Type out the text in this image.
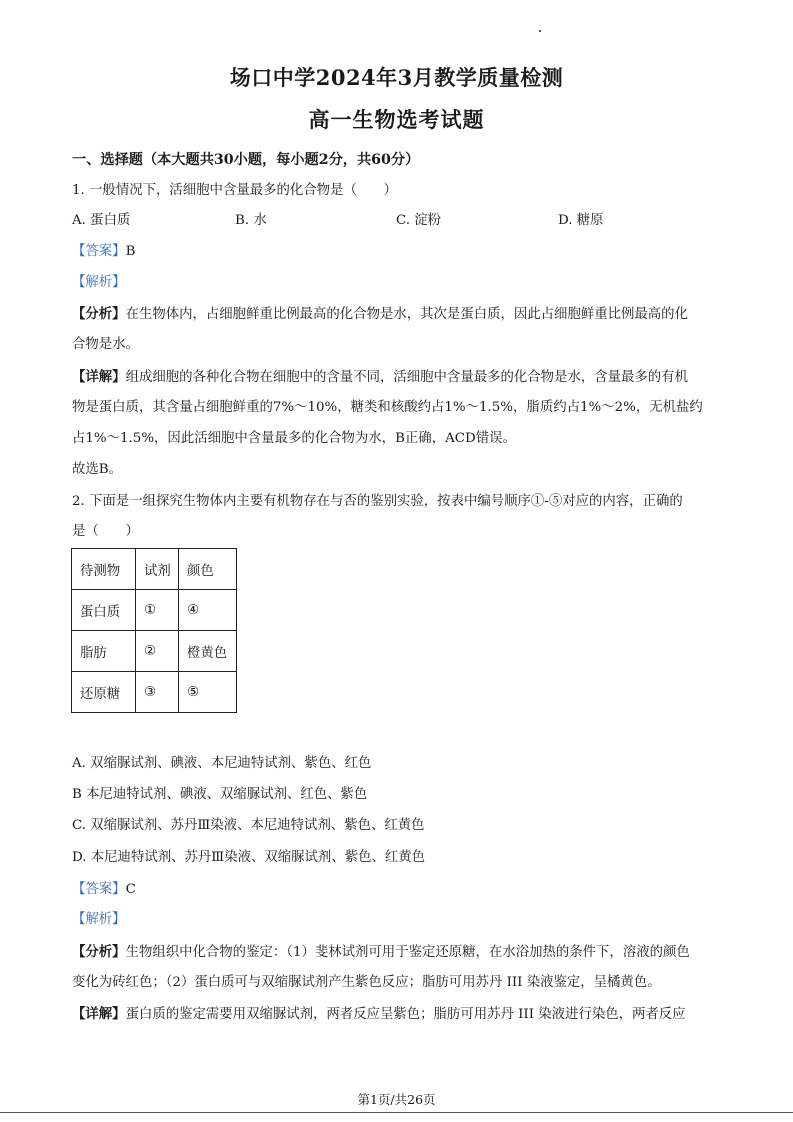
场口中学2024年3月教学质量检测
高一生物选考试题
一、选择题（本大题共30小题，每小题2分，共60分）
1. 一般情况下，活细胞中含量最多的化合物是（　　）
A. 蛋白质	B. 水	C. 淀粉	D. 糖原
【答案】B
【解析】
【分析】在生物体内，占细胞鲜重比例最高的化合物是水，其次是蛋白质，因此占细胞鲜重比例最高的化
合物是水。
【详解】组成细胞的各种化合物在细胞中的含量不同，活细胞中含量最多的化合物是水，含量最多的有机
物是蛋白质，其含量占细胞鲜重的7%～10%，糖类和核酸约占1%～1.5%，脂质约占1%～2%，无机盐约
占1%～1.5%，因此活细胞中含量最多的化合物为水，B正确，ACD错误。
故选B。
2. 下面是一组探究生物体内主要有机物存在与否的鉴别实验，按表中编号顺序①-⑤对应的内容，正确的
是（　　）
待测物	试剂	颜色
蛋白质	①	④
脂肪	②	橙黄色
还原糖	③	⑤
A. 双缩脲试剂、碘液、本尼迪特试剂、紫色、红色
B 本尼迪特试剂、碘液、双缩脲试剂、红色、紫色
C. 双缩脲试剂、苏丹Ⅲ染液、本尼迪特试剂、紫色、红黄色
D. 本尼迪特试剂、苏丹Ⅲ染液、双缩脲试剂、紫色、红黄色
【答案】C
【解析】
【分析】生物组织中化合物的鉴定：（1）斐林试剂可用于鉴定还原糖，在水浴加热的条件下，溶液的颜色
变化为砖红色；（2）蛋白质可与双缩脲试剂产生紫色反应；脂肪可用苏丹 III 染液鉴定，呈橘黄色。
【详解】蛋白质的鉴定需要用双缩脲试剂，两者反应呈紫色；脂肪可用苏丹 III 染液进行染色，两者反应
第1页/共26页
